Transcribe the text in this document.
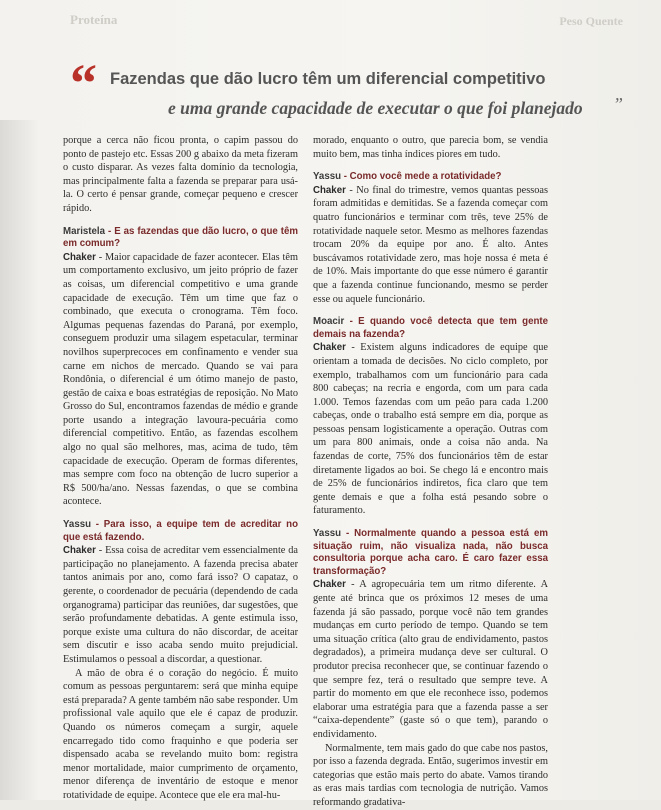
Proteína	Peso Quente
“ Fazendas que dão lucro têm um diferencial competitivo
e uma grande capacidade de executar o que foi planejado	”

porque a cerca não ficou pronta, o capim passou do ponto de pastejo etc. Essas 200 g abaixo da meta fizeram o custo disparar. As vezes falta domínio da tecnologia, mas principalmente falta a fazenda se preparar para usá-la. O certo é pensar grande, começar pequeno e crescer rápido.

Maristela - E as fazendas que dão lucro, o que têm em comum?

Chaker - Maior capacidade de fazer acontecer. Elas têm um comportamento exclusivo, um jeito próprio de fazer as coisas, um diferencial competitivo e uma grande capacidade de execução. Têm um time que faz o combinado, que executa o cronograma. Têm foco. Algumas pequenas fazendas do Paraná, por exemplo, conseguem produzir uma silagem espetacular, terminar novilhos superprecoces em confinamento e vender sua carne em nichos de mercado. Quando se vai para Rondônia, o diferencial é um ótimo manejo de pasto, gestão de caixa e boas estratégias de reposição. No Mato Grosso do Sul, encontramos fazendas de médio e grande porte usando a integração lavoura-pecuária como diferencial competitivo. Então, as fazendas escolhem algo no qual são melhores, mas, acima de tudo, têm capacidade de execução. Operam de formas diferentes, mas sempre com foco na obtenção de lucro superior a R$ 500/ha/ano. Nessas fazendas, o que se combina acontece.

Yassu - Para isso, a equipe tem de acreditar no que está fazendo.

Chaker - Essa coisa de acreditar vem essencialmente da participação no planejamento. A fazenda precisa abater tantos animais por ano, como fará isso? O capataz, o gerente, o coordenador de pecuária (dependendo de cada organograma) participar das reuniões, dar sugestões, que serão profundamente debatidas. A gente estimula isso, porque existe uma cultura do não discordar, de aceitar sem discutir e isso acaba sendo muito prejudicial. Estimulamos o pessoal a discordar, a questionar.

A mão de obra é o coração do negócio. É muito comum as pessoas perguntarem: será que minha equipe está preparada? A gente também não sabe responder. Um profissional vale aquilo que ele é capaz de produzir. Quando os números começam a surgir, aquele encarregado tido como fraquinho e que poderia ser dispensado acaba se revelando muito bom: registra menor mortalidade, maior cumprimento de orçamento, menor diferença de inventário de estoque e menor rotatividade de equipe. Acontece que ele era mal-hu-

morado, enquanto o outro, que parecia bom, se vendia muito bem, mas tinha índices piores em tudo.

Yassu - Como você mede a rotatividade?

Chaker - No final do trimestre, vemos quantas pessoas foram admitidas e demitidas. Se a fazenda começar com quatro funcionários e terminar com três, teve 25% de rotatividade naquele setor. Mesmo as melhores fazendas trocam 20% da equipe por ano. É alto. Antes buscávamos rotatividade zero, mas hoje nossa é meta é de 10%. Mais importante do que esse número é garantir que a fazenda continue funcionando, mesmo se perder esse ou aquele funcionário.

Moacir - E quando você detecta que tem gente demais na fazenda?

Chaker - Existem alguns indicadores de equipe que orientam a tomada de decisões. No ciclo completo, por exemplo, trabalhamos com um funcionário para cada 800 cabeças; na recria e engorda, com um para cada 1.000. Temos fazendas com um peão para cada 1.200 cabeças, onde o trabalho está sempre em dia, porque as pessoas pensam logisticamente a operação. Outras com um para 800 animais, onde a coisa não anda. Na fazendas de corte, 75% dos funcionários têm de estar diretamente ligados ao boi. Se chego lá e encontro mais de 25% de funcionários indiretos, fica claro que tem gente demais e que a folha está pesando sobre o faturamento.

Yassu - Normalmente quando a pessoa está em situação ruim, não visualiza nada, não busca consultoria porque acha caro. É caro fazer essa transformação?

Chaker - A agropecuária tem um ritmo diferente. A gente até brinca que os próximos 12 meses de uma fazenda já são passado, porque você não tem grandes mudanças em curto período de tempo. Quando se tem uma situação crítica (alto grau de endividamento, pastos degradados), a primeira mudança deve ser cultural. O produtor precisa reconhecer que, se continuar fazendo o que sempre fez, terá o resultado que sempre teve. A partir do momento em que ele reconhece isso, podemos elaborar uma estratégia para que a fazenda passe a ser “caixa-dependente” (gaste só o que tem), parando o endividamento.

Normalmente, tem mais gado do que cabe nos pastos, por isso a fazenda degrada. Então, sugerimos investir em categorias que estão mais perto do abate. Vamos tirando as eras mais tardias com tecnologia de nutrição. Vamos reformando gradativa-
